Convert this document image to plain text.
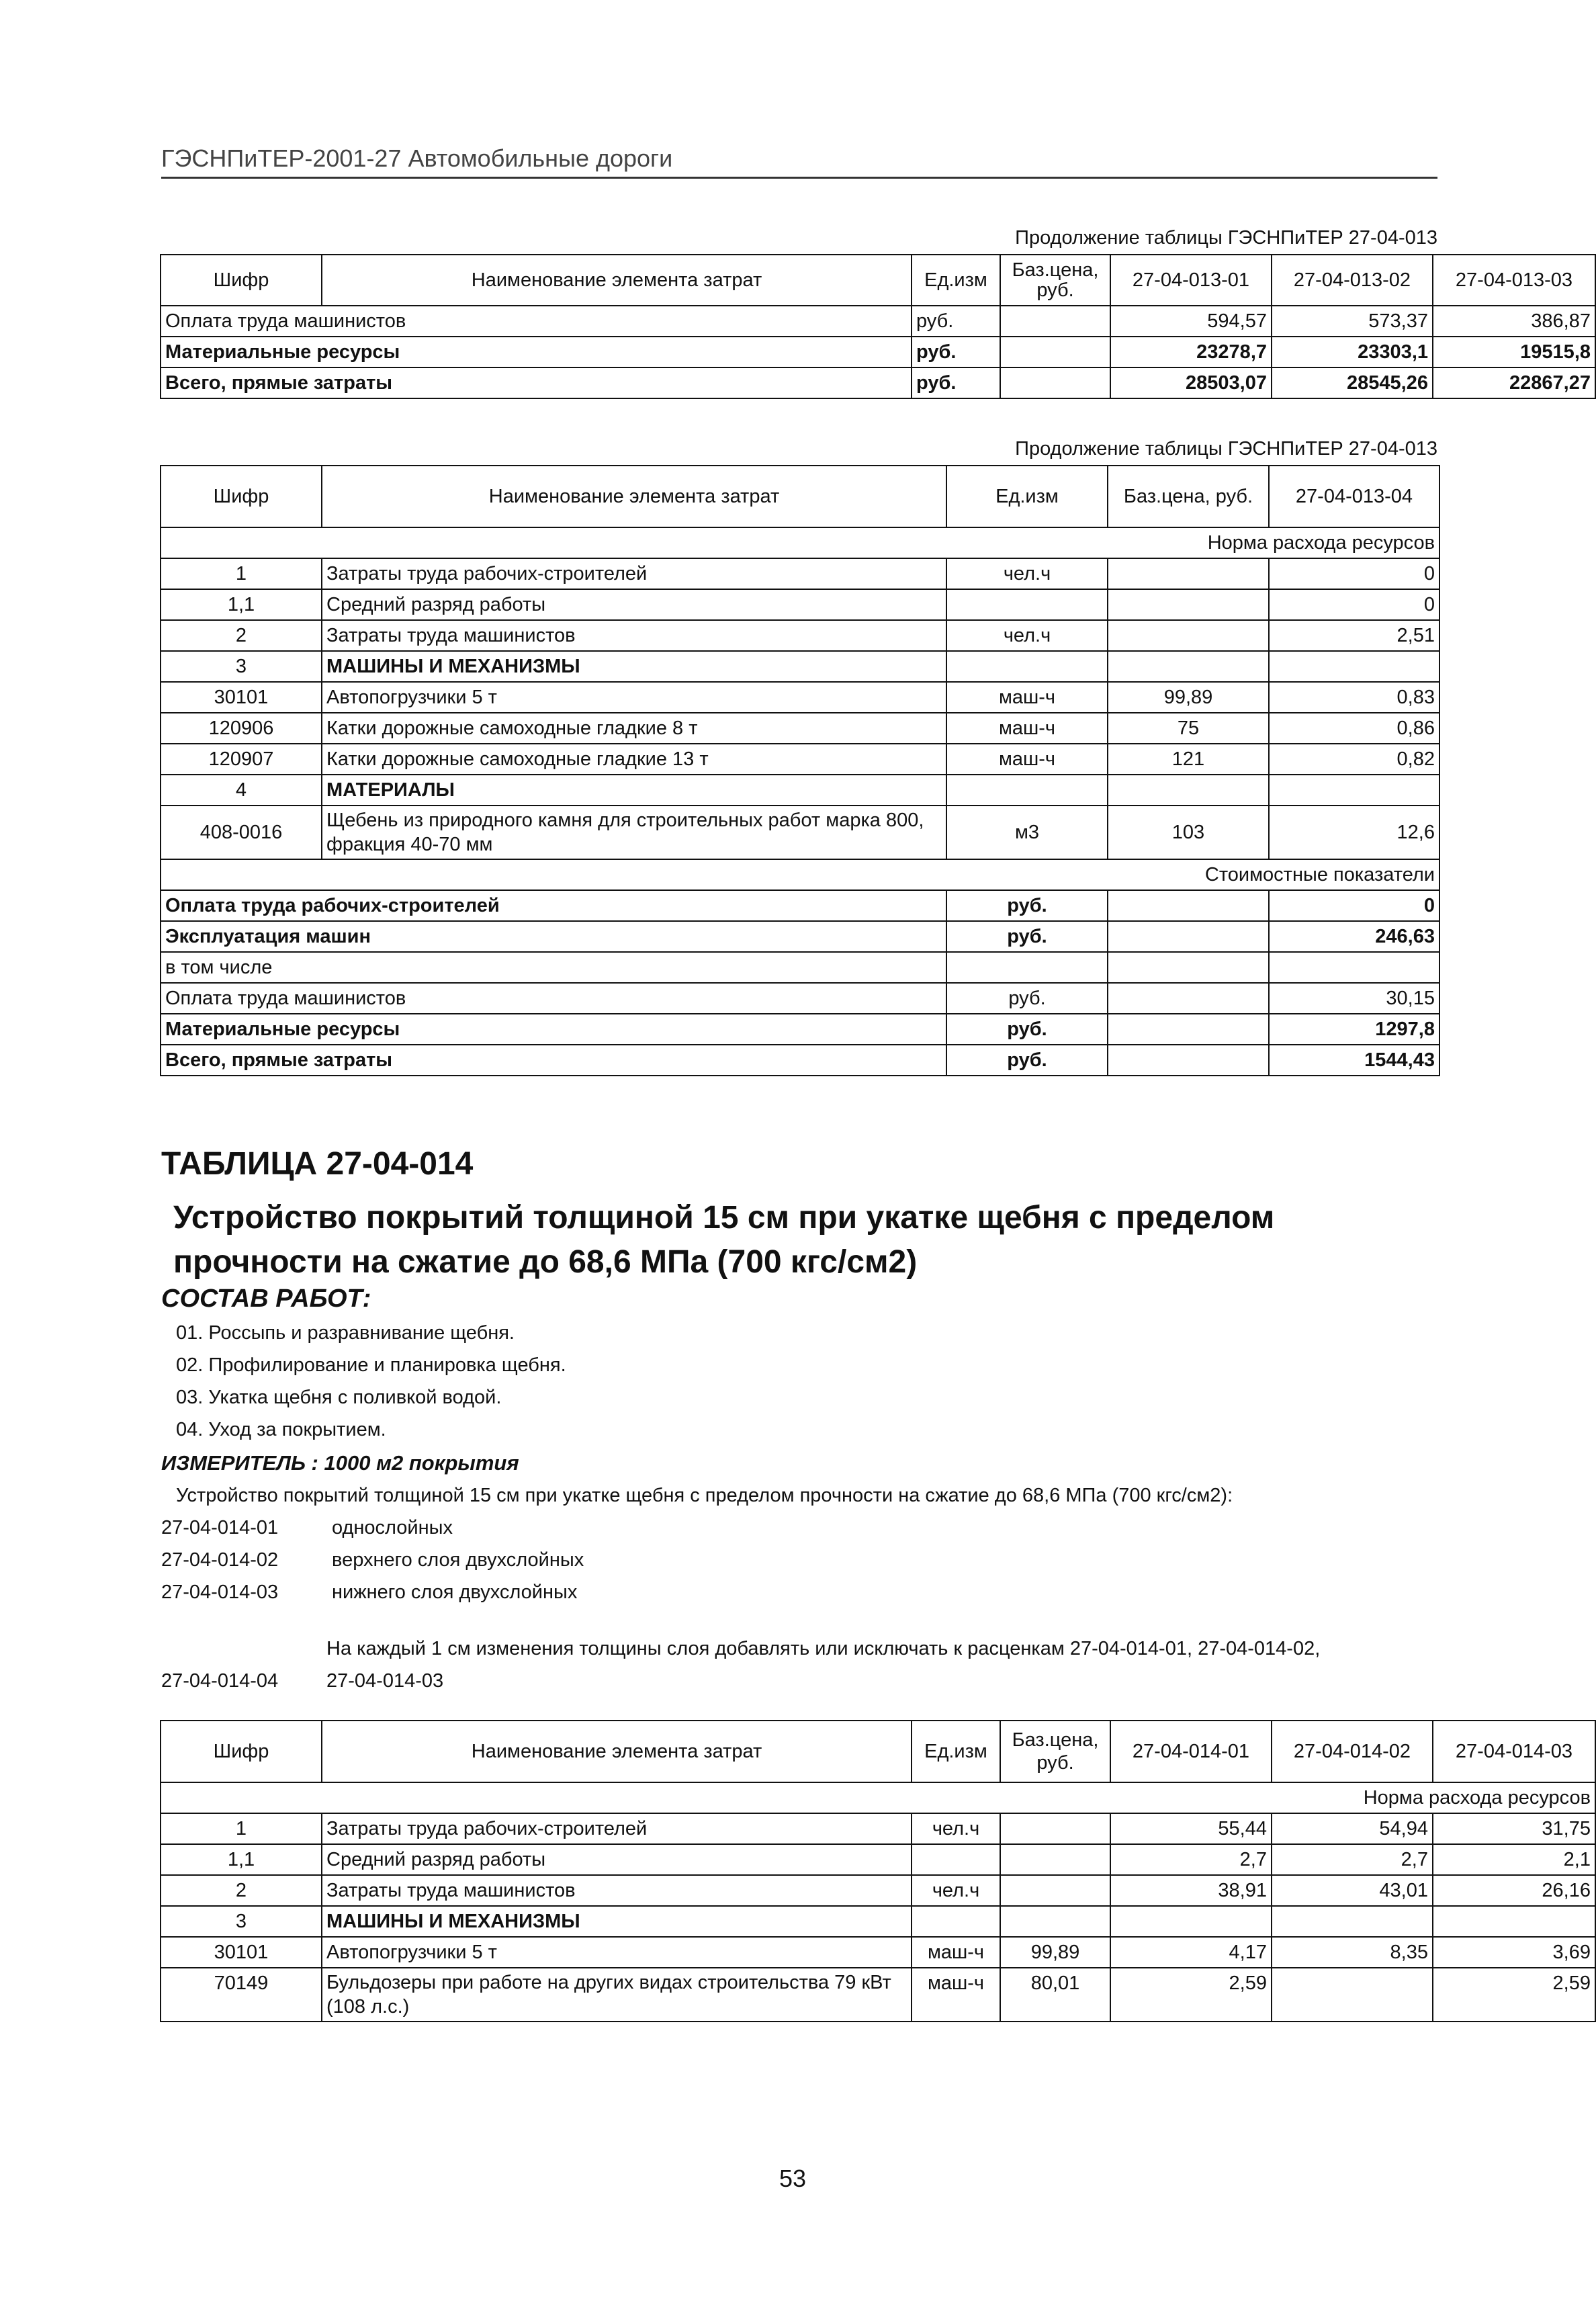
ГЭСНПиТЕР-2001-27 Автомобильные дороги
Продолжение таблицы ГЭСНПиТЕР 27-04-013
Шифр	Наименование элемента затрат	Ед.изм	Баз.цена, руб.	27-04-013-01	27-04-013-02	27-04-013-03
Оплата труда машинистов		руб.		594,57	573,37	386,87
Материальные ресурсы		руб.		23278,7	23303,1	19515,8
Всего, прямые затраты		руб.		28503,07	28545,26	22867,27
Продолжение таблицы ГЭСНПиТЕР 27-04-013
Шифр	Наименование элемента затрат	Ед.изм	Баз.цена, руб.	27-04-013-04
Норма расхода ресурсов				
1	Затраты труда рабочих-строителей	чел.ч		0
1,1	Средний разряд работы			0
2	Затраты труда машинистов	чел.ч		2,51
3	МАШИНЫ И МЕХАНИЗМЫ			
30101	Автопогрузчики 5 т	маш-ч	99,89	0,83
120906	Катки дорожные самоходные гладкие 8 т	маш-ч	75	0,86
120907	Катки дорожные самоходные гладкие 13 т	маш-ч	121	0,82
4	МАТЕРИАЛЫ			
408-0016	Щебень из природного камня для строительных работ марка 800, фракция 40-70 мм	м3	103	12,6
Стоимостные показатели				
Оплата труда рабочих-строителей		руб.		0
Эксплуатация машин		руб.		246,63
в том числе				
Оплата труда машинистов		руб.		30,15
Материальные ресурсы		руб.		1297,8
Всего, прямые затраты		руб.		1544,43
ТАБЛИЦА 27-04-014
Устройство покрытий толщиной 15 см при укатке щебня с пределом прочности на сжатие до 68,6 МПа (700 кгс/см2)
СОСТАВ РАБОТ:
01. Россыпь и разравнивание щебня.
02. Профилирование и планировка щебня.
03. Укатка щебня с поливкой водой.
04. Уход за покрытием.
ИЗМЕРИТЕЛЬ : 1000 м2 покрытия
Устройство покрытий толщиной 15 см при укатке щебня с пределом прочности на сжатие до 68,6 МПа (700 кгс/см2):
27-04-014-01	однослойных
27-04-014-02	верхнего слоя двухслойных
27-04-014-03	нижнего слоя двухслойных
На каждый 1 см изменения толщины слоя добавлять или исключать к расценкам 27-04-014-01, 27-04-014-02,
27-04-014-04 27-04-014-03
Шифр	Наименование элемента затрат	Ед.изм	Баз.цена, руб.	27-04-014-01	27-04-014-02	27-04-014-03
Норма расхода ресурсов						
1	Затраты труда рабочих-строителей	чел.ч		55,44	54,94	31,75
1,1	Средний разряд работы			2,7	2,7	2,1
2	Затраты труда машинистов	чел.ч		38,91	43,01	26,16
3	МАШИНЫ И МЕХАНИЗМЫ					
30101	Автопогрузчики 5 т	маш-ч	99,89	4,17	8,35	3,69
70149	Бульдозеры при работе на других видах строительства 79 кВт (108 л.с.)	маш-ч	80,01	2,59		2,59
53
